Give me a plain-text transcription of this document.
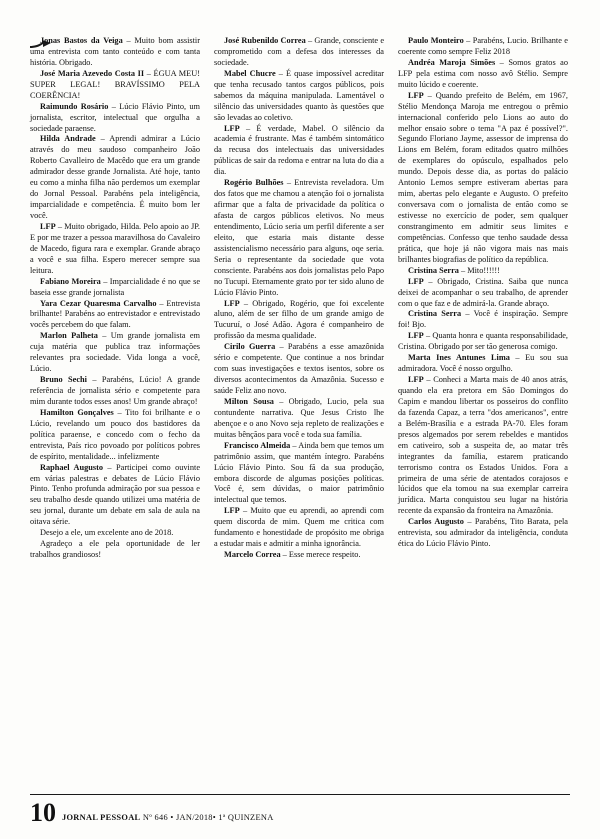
Jonas Bastos da Veiga – Muito bom assistir uma entrevista com tanto conteúdo e com tanta história. Obrigado.

José Maria Azevedo Costa II – ÉGUA MEU! SUPER LEGAL! BRAVÍSSIMO PELA COERÊNCIA!

Raimundo Rosário – Lúcio Flávio Pinto, um jornalista, escritor, intelectual que orgulha a sociedade paraense.

Hilda Andrade – Aprendi admirar a Lúcio através do meu saudoso companheiro João Roberto Cavalleiro de Macêdo que era um grande admirador desse grande Jornalista. Até hoje, tanto eu como a minha filha não perdemos um exemplar do Jornal Pessoal. Parabéns pela inteligência, imparcialidade e competência. É muito bom ler você.

LFP – Muito obrigado, Hilda. Pelo apoio ao JP. E por me trazer a pessoa maravilhosa do Cavaleiro de Macedo, figura rara e exemplar. Grande abraço a você e sua filha. Espero merecer sempre sua leitura.

Fabiano Moreira – Imparcialidade é no que se baseia esse grande jornalista

Yara Cezar Quaresma Carvalho – Entrevista brilhante! Parabéns ao entrevistador e entrevistado vocês percebem do que falam.

Marlon Palheta – Um grande jornalista em cuja matéria que publica traz informações relevantes pra sociedade. Vida longa a você, Lúcio.

Bruno Sechi – Parabéns, Lúcio! A grande referência de jornalista sério e competente para mim durante todos esses anos! Um grande abraço!

Hamilton Gonçalves – Tito foi brilhante e o Lúcio, revelando um pouco dos bastidores da política paraense, e concedo com o fecho da entrevista, País rico povoado por políticos pobres de espírito, mentalidade... infelizmente

Raphael Augusto – Participei como ouvinte em várias palestras e debates de Lúcio Flávio Pinto. Tenho profunda admiração por sua pessoa e seu trabalho desde quando utilizei uma matéria de seu jornal, durante um debate em sala de aula na oitava série.

Desejo a ele, um excelente ano de 2018.

Agradeço a ele pela oportunidade de ler trabalhos grandiosos!

José Rubenildo Correa – Grande, consciente e comprometido com a defesa dos interesses da sociedade.

Mabel Chucre – É quase impossível acreditar que tenha recusado tantos cargos públicos, pois sabemos da máquina manipulada. Lamentável o silêncio das universidades quanto às questões que são levadas ao coletivo.

LFP – É verdade, Mabel. O silêncio da academia é frustrante. Mas é também sintomático da recusa dos intelectuais das universidades públicas de sair da redoma e entrar na luta do dia a dia.

Rogério Bulhões – Entrevista reveladora. Um dos fatos que me chamou a atenção foi o jornalista afirmar que a falta de privacidade da política o afasta de cargos públicos eletivos. No meus entendimento, Lúcio seria um perfil diferente a ser eleito, que estaria mais distante desse assistencialismo necessário para alguns, oqe seria. Seria o representante da sociedade que vota consciente. Parabéns aos dois jornalistas pelo Papo no Tucupi. Eternamente grato por ter sido aluno de Lúcio Flávio Pinto.

LFP – Obrigado, Rogério, que foi excelente aluno, além de ser filho de um grande amigo de Tucuruí, o José Adão. Agora é companheiro de profissão da mesma qualidade.

Cirilo Guerra – Parabéns a esse amazônida sério e competente. Que continue a nos brindar com suas investigações e textos isentos, sobre os diversos acontecimentos da Amazônia. Sucesso e saúde Feliz ano novo.

Milton Sousa – Obrigado, Lucio, pela sua contundente narrativa. Que Jesus Cristo lhe abençoe e o ano Novo seja repleto de realizações e muitas bênçãos para você e toda sua família.

Francisco Almeida – Ainda bem que temos um patrimônio assim, que mantém íntegro. Parabéns Lúcio Flávio Pinto. Sou fã da sua produção, embora discorde de algumas posições políticas. Você é, sem dúvidas, o maior patrimônio intelectual que temos.

LFP – Muito que eu aprendi, ao aprendi com quem discorda de mim. Quem me critica com fundamento e honestidade de propósito me obriga a estudar mais e admitir a minha ignorância.

Marcelo Correa – Esse merece respeito.

Paulo Monteiro – Parabéns, Lucio. Brilhante e coerente como sempre Feliz 2018

Andréa Maroja Simões – Somos gratos ao LFP pela estima com nosso avô Stélio. Sempre muito lúcido e coerente.

LFP – Quando prefeito de Belém, em 1967, Stélio Mendonça Maroja me entregou o prêmio internacional conferido pelo Lions ao auto do melhor ensaio sobre o tema "A paz é possível?". Segundo Floriano Jayme, assessor de imprensa do Lions em Belém, foram editados quatro milhões de exemplares do opúsculo, espalhados pelo mundo. Depois desse dia, as portas do palácio Antonio Lemos sempre estiveram abertas para mim, abertas pelo elegante e Augusto. O prefeito conversava com o jornalista de então como se estivesse no exercício de poder, sem qualquer constrangimento em admitir seus limites e competências. Confesso que tenho saudade dessa prática, que hoje já não vigora mais nas mais brilhantes biografias de político da república.

Cristina Serra – Mito!!!!!!

LFP – Obrigado, Cristina. Saiba que nunca deixei de acompanhar o seu trabalho, de aprender com o que faz e de admirá-la. Grande abraço.

Cristina Serra – Você é inspiração. Sempre foi! Bjo.

LFP – Quanta honra e quanta responsabilidade, Cristina. Obrigado por ser tão generosa comigo.

Marta Ines Antunes Lima – Eu sou sua admiradora. Você é nosso orgulho.

LFP – Conheci a Marta mais de 40 anos atrás, quando ela era pretora em São Domingos do Capim e mandou libertar os posseiros do conflito da fazenda Capaz, a terra "dos americanos", entre a Belém-Brasília e a estrada PA-70. Eles foram presos algemados por serem rebeldes e mantidos em cativeiro, sob a suspeita de, ao matar três integrantes da família, estarem praticando terrorismo contra os Estados Unidos. Fora a primeira de uma série de atentados corajosos e lúcidos que ela tomou na sua exemplar carreira jurídica. Marta conquistou seu lugar na história recente da expansão da fronteira na Amazônia.

Carlos Augusto – Parabéns, Tito Barata, pela entrevista, sou admirador da inteligência, conduta ética do Lúcio Flávio Pinto.

10 JORNAL PESSOAL Nº 646 • JAN/2018• 1ª QUINZENA
